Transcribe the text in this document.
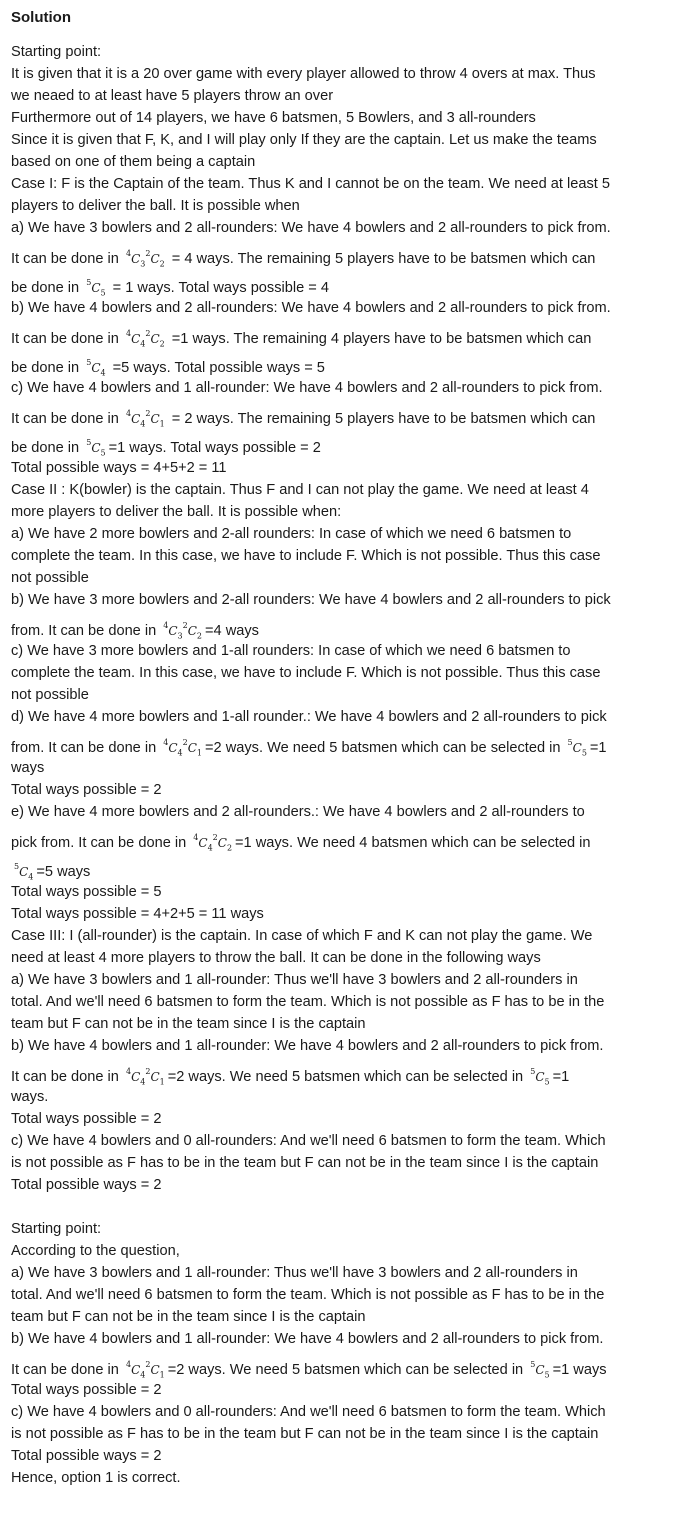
Solution
Starting point:
It is given that it is a 20 over game with every player allowed to throw 4 overs at max. Thus
we neaed to at least have 5 players throw an over
Furthermore out of 14 players, we have 6 batsmen, 5 Bowlers, and 3 all-rounders
Since it is given that F, K, and I will play only If they are the captain. Let us make the teams
based on one of them being a captain
Case I: F is the Captain of the team. Thus K and I cannot be on the team. We need at least 5
players to deliver the ball. It is possible when
a) We have 3 bowlers and 2 all-rounders: We have 4 bowlers and 2 all-rounders to pick from.
It can be done in $^4C_3^2C_2 = 4$ ways. The remaining 5 players have to be batsmen which can
be done in $^5C_5 = 1$ ways. Total ways possible = 4
b) We have 4 bowlers and 2 all-rounders: We have 4 bowlers and 2 all-rounders to pick from.
It can be done in $^4C_4^2C_2 =1$ ways. The remaining 4 players have to be batsmen which can
be done in $^5C_4 =5$ ways. Total possible ways = 5
c) We have 4 bowlers and 1 all-rounder: We have 4 bowlers and 2 all-rounders to pick from.
It can be done in $^4C_4^2C_1 = 2$ ways. The remaining 5 players have to be batsmen which can
be done in $^5C_5 =1$ ways. Total ways possible = 2
Total possible ways = 4+5+2 = 11
Case II : K(bowler) is the captain. Thus F and I can not play the game. We need at least 4
more players to deliver the ball. It is possible when:
a) We have 2 more bowlers and 2-all rounders: In case of which we need 6 batsmen to
complete the team. In this case, we have to include F. Which is not possible. Thus this case
not possible
b) We have 3 more bowlers and 2-all rounders: We have 4 bowlers and 2 all-rounders to pick
from. It can be done in $^4C_3^2C_2 =4$ ways
c) We have 3 more bowlers and 1-all rounders: In case of which we need 6 batsmen to
complete the team. In this case, we have to include F. Which is not possible. Thus this case
not possible
d) We have 4 more bowlers and 1-all rounder.: We have 4 bowlers and 2 all-rounders to pick
from. It can be done in $^4C_4^2C_1 =2$ ways. We need 5 batsmen which can be selected in $^5C_5 =1$
ways
Total ways possible = 2
e) We have 4 more bowlers and 2 all-rounders.: We have 4 bowlers and 2 all-rounders to
pick from. It can be done in $^4C_4^2C_2 =1$ ways. We need 4 batsmen which can be selected in
$^5C_4 =5$ ways
Total ways possible = 5
Total ways possible = 4+2+5 = 11 ways
Case III: I (all-rounder) is the captain. In case of which F and K can not play the game. We
need at least 4 more players to throw the ball. It can be done in the following ways
a) We have 3 bowlers and 1 all-rounder: Thus we'll have 3 bowlers and 2 all-rounders in
total. And we'll need 6 batsmen to form the team. Which is not possible as F has to be in the
team but F can not be in the team since I is the captain
b) We have 4 bowlers and 1 all-rounder: We have 4 bowlers and 2 all-rounders to pick from.
It can be done in $^4C_4^2C_1 =2$ ways. We need 5 batsmen which can be selected in $^5C_5 =1$
ways.
Total ways possible = 2
c) We have 4 bowlers and 0 all-rounders: And we'll need 6 batsmen to form the team. Which
is not possible as F has to be in the team but F can not be in the team since I is the captain
Total possible ways = 2
Starting point:
According to the question,
a) We have 3 bowlers and 1 all-rounder: Thus we'll have 3 bowlers and 2 all-rounders in
total. And we'll need 6 batsmen to form the team. Which is not possible as F has to be in the
team but F can not be in the team since I is the captain
b) We have 4 bowlers and 1 all-rounder: We have 4 bowlers and 2 all-rounders to pick from.
It can be done in $^4C_4^2C_1 =2$ ways. We need 5 batsmen which can be selected in $^5C_5 =1$ ways
Total ways possible = 2
c) We have 4 bowlers and 0 all-rounders: And we'll need 6 batsmen to form the team. Which
is not possible as F has to be in the team but F can not be in the team since I is the captain
Total possible ways = 2
Hence, option 1 is correct.
